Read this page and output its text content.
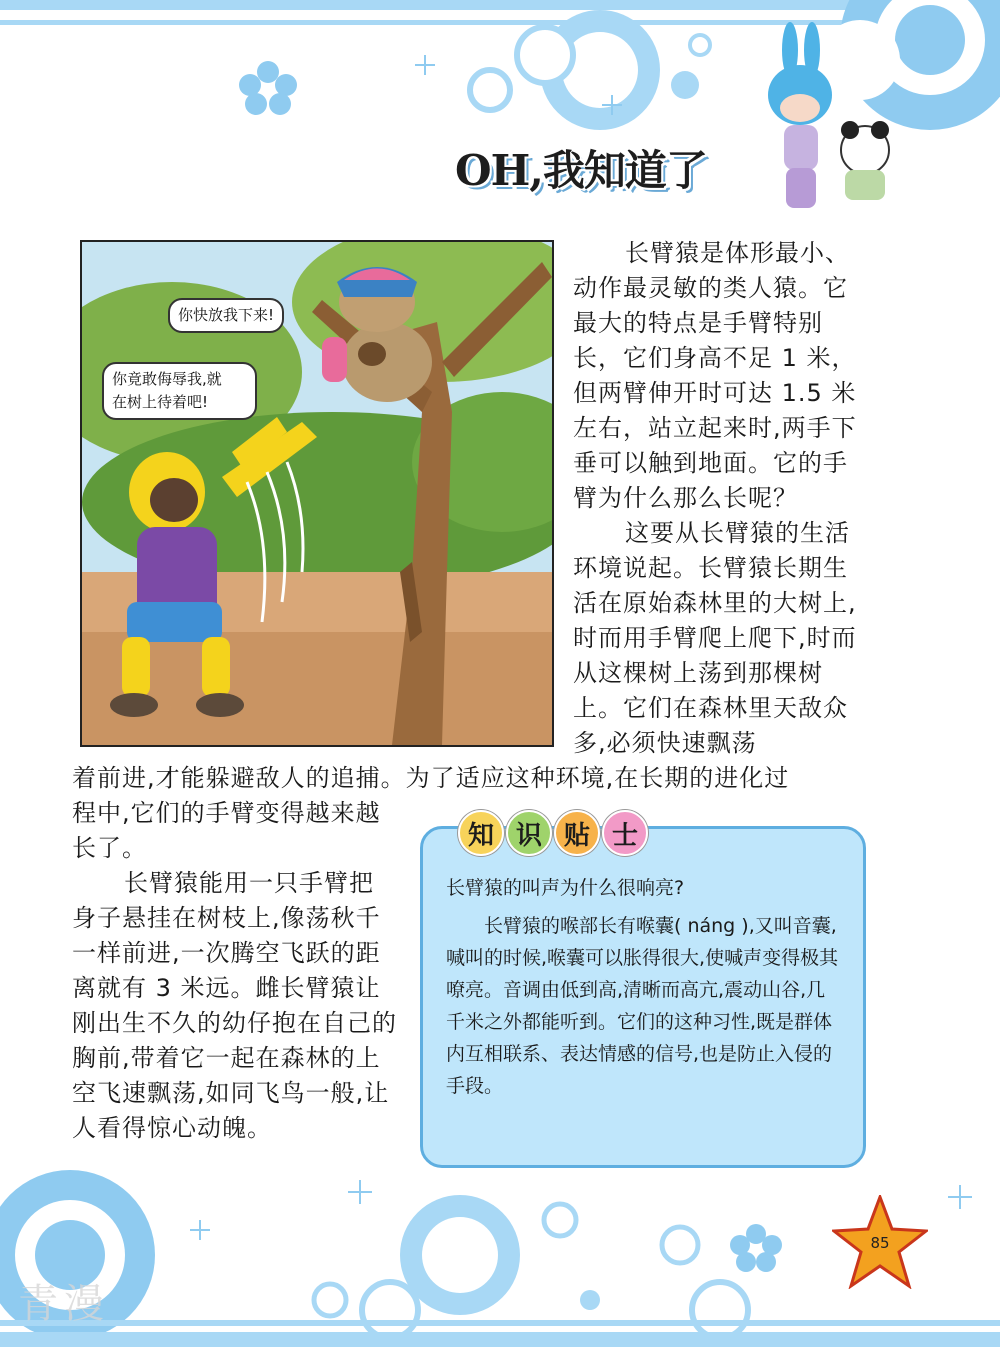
OH,我知道了
你快放我下来!
你竟敢侮辱我,就
在树上待着吧!
长臂猿是体形最小、动作最灵敏的类人猿。它最大的特点是手臂特别长，它们身高不足 1 米，但两臂伸开时可达 1.5 米左右，站立起来时,两手下垂可以触到地面。它的手臂为什么那么长呢？
这要从长臂猿的生活环境说起。长臂猿长期生活在原始森林里的大树上,时而用手臂爬上爬下,时而从这棵树上荡到那棵树上。它们在森林里天敌众多,必须快速飘荡
着前进,才能躲避敌人的追捕。为了适应这种环境,在长期的进化过
程中,它们的手臂变得越来越长了。
长臂猿能用一只手臂把身子悬挂在树枝上,像荡秋千一样前进,一次腾空飞跃的距离就有 3 米远。雌长臂猿让刚出生不久的幼仔抱在自己的胸前,带着它一起在森林的上空飞速飘荡,如同飞鸟一般,让人看得惊心动魄。
知 识 贴 士
长臂猿的叫声为什么很响亮?
长臂猿的喉部长有喉囊( náng ),又叫音囊,喊叫的时候,喉囊可以胀得很大,使喊声变得极其嘹亮。音调由低到高,清晰而高亢,震动山谷,几千米之外都能听到。它们的这种习性,既是群体内互相联系、表达情感的信号,也是防止入侵的手段。
85
青漫
